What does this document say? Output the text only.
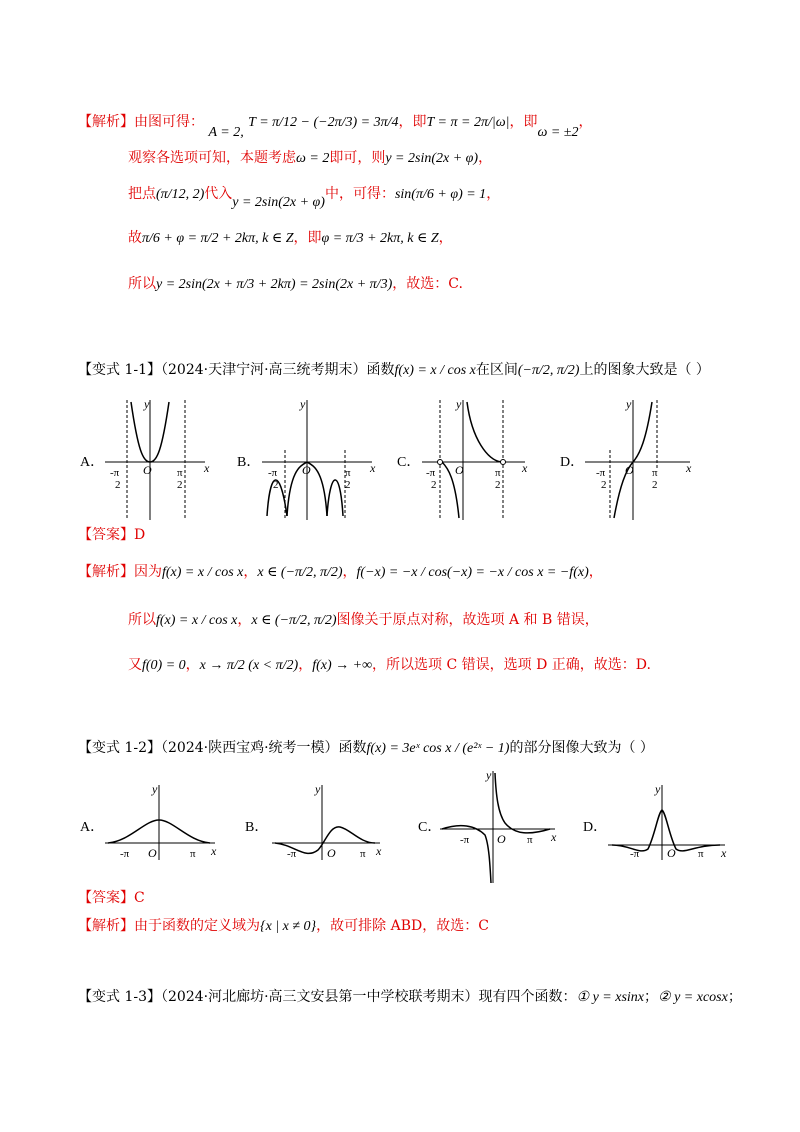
【解析】由图可得： A = 2, T = π/12 − (−2π/3) = 3π/4，即T = π = 2π/|ω|，即ω = ±2，
观察各选项可知，本题考虑ω = 2即可，则y = 2sin(2x + φ)，
把点(π/12, 2)代入y = 2sin(2x + φ)中，可得：sin(π/6 + φ) = 1，
故π/6 + φ = π/2 + 2kπ, k ∈ Z，即φ = π/3 + 2kπ, k ∈ Z，
所以y = 2sin(2x + π/3 + 2kπ) = 2sin(2x + π/3)，故选：C.
【变式 1-1】（2024·天津宁河·高三统考期末）函数f(x) = x / cos x在区间(−π/2, π/2)上的图象大致是（ ）
A．
y
O	x
-π
2
π
2
B．
y
O	x
-π
2
π
2
C．
y
O	x
-π
2
π
2
D．
y
O	x
-π
2
π
2
【答案】D
【解析】因为f(x) = x / cos x，x ∈ (−π/2, π/2)，f(−x) = −x / cos(−x) = −x / cos x = −f(x)，
所以f(x) = x / cos x，x ∈ (−π/2, π/2)图像关于原点对称，故选项 A 和 B 错误，
又f(0) = 0，x → π/2 (x < π/2)，f(x) → +∞，所以选项 C 错误，选项 D 正确，故选：D.
【变式 1-2】（2024·陕西宝鸡·统考一模）函数f(x) = 3eˣ cos x / (e²ˣ − 1)的部分图像大致为（ ）
A．
y
O	x
-π	π
B．
y
O	x
-π	π
C．
y
O	x
-π	π
D．
y
O	x
-π	π
【答案】C
【解析】由于函数的定义域为{x | x ≠ 0}，故可排除 ABD，故选：C
【变式 1-3】（2024·河北廊坊·高三文安县第一中学校联考期末）现有四个函数：① y = xsinx；② y = xcosx；
